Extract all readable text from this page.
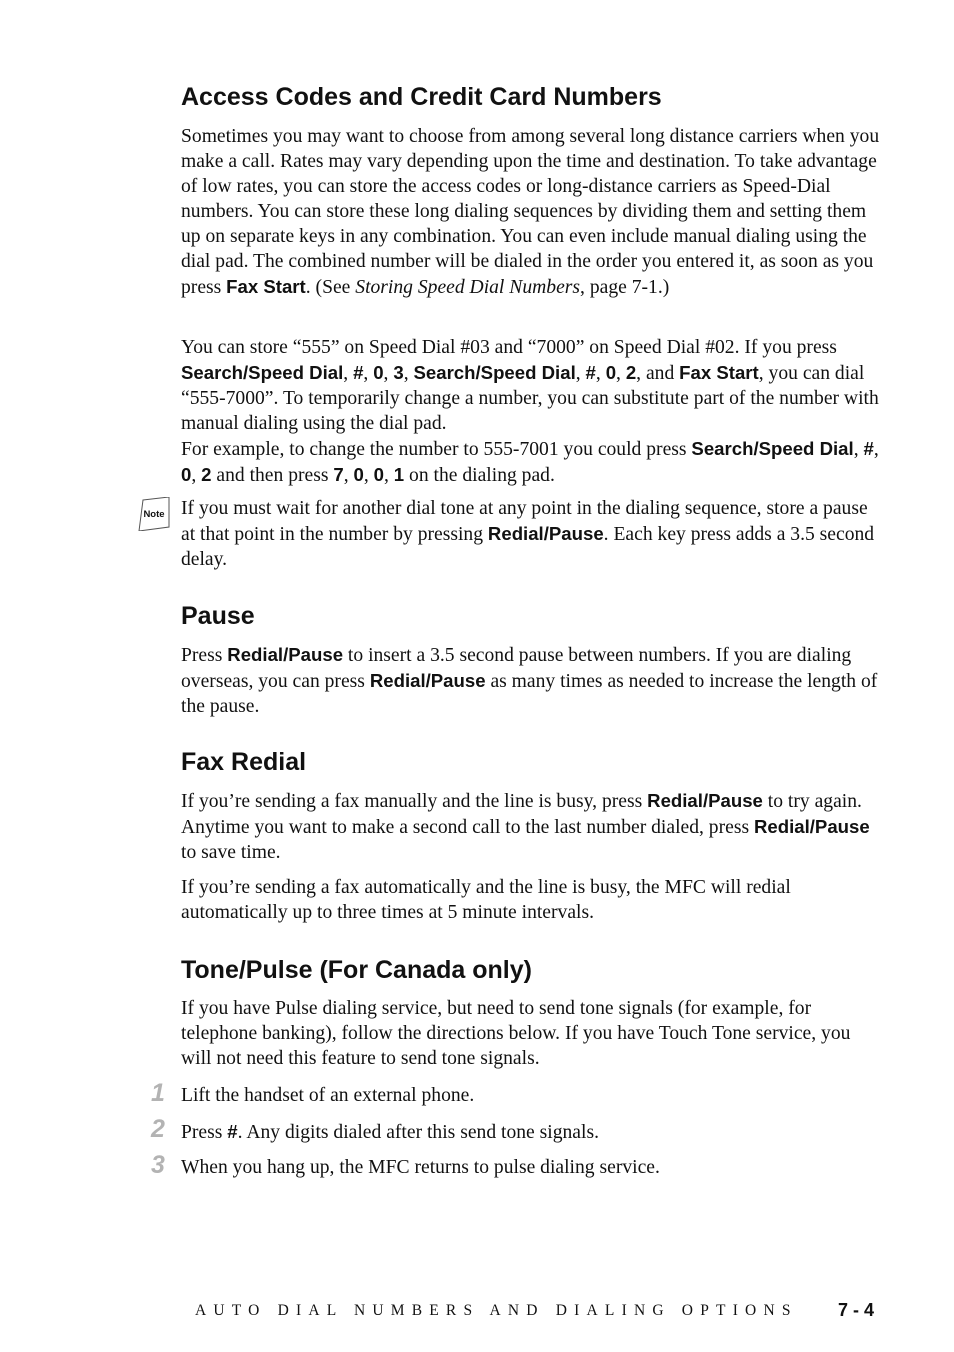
Access Codes and Credit Card Numbers

Sometimes you may want to choose from among several long distance carriers when you make a call. Rates may vary depending upon the time and destination. To take advantage of low rates, you can store the access codes or long-distance carriers as Speed-Dial numbers. You can store these long dialing sequences by dividing them and setting them up on separate keys in any combination. You can even include manual dialing using the dial pad. The combined number will be dialed in the order you entered it, as soon as you press Fax Start. (See Storing Speed Dial Numbers, page 7-1.)

You can store “555” on Speed Dial #03 and “7000” on Speed Dial #02. If you press Search/Speed Dial, #, 0, 3, Search/Speed Dial, #, 0, 2, and Fax Start, you can dial “555-7000”. To temporarily change a number, you can substitute part of the number with manual dialing using the dial pad.
For example, to change the number to 555-7001 you could press Search/Speed Dial, #, 0, 2 and then press 7, 0, 0, 1 on the dialing pad.

Note If you must wait for another dial tone at any point in the dialing sequence, store a pause at that point in the number by pressing Redial/Pause. Each key press adds a 3.5 second delay.

Pause

Press Redial/Pause to insert a 3.5 second pause between numbers. If you are dialing overseas, you can press Redial/Pause as many times as needed to increase the length of the pause.

Fax Redial

If you’re sending a fax manually and the line is busy, press Redial/Pause to try again. Anytime you want to make a second call to the last number dialed, press Redial/Pause to save time.

If you’re sending a fax automatically and the line is busy, the MFC will redial automatically up to three times at 5 minute intervals.

Tone/Pulse (For Canada only)

If you have Pulse dialing service, but need to send tone signals (for example, for telephone banking), follow the directions below. If you have Touch Tone service, you will not need this feature to send tone signals.

1 Lift the handset of an external phone.

2 Press #. Any digits dialed after this send tone signals.

3 When you hang up, the MFC returns to pulse dialing service.

AUTO DIAL NUMBERS AND DIALING OPTIONS 7 - 4
